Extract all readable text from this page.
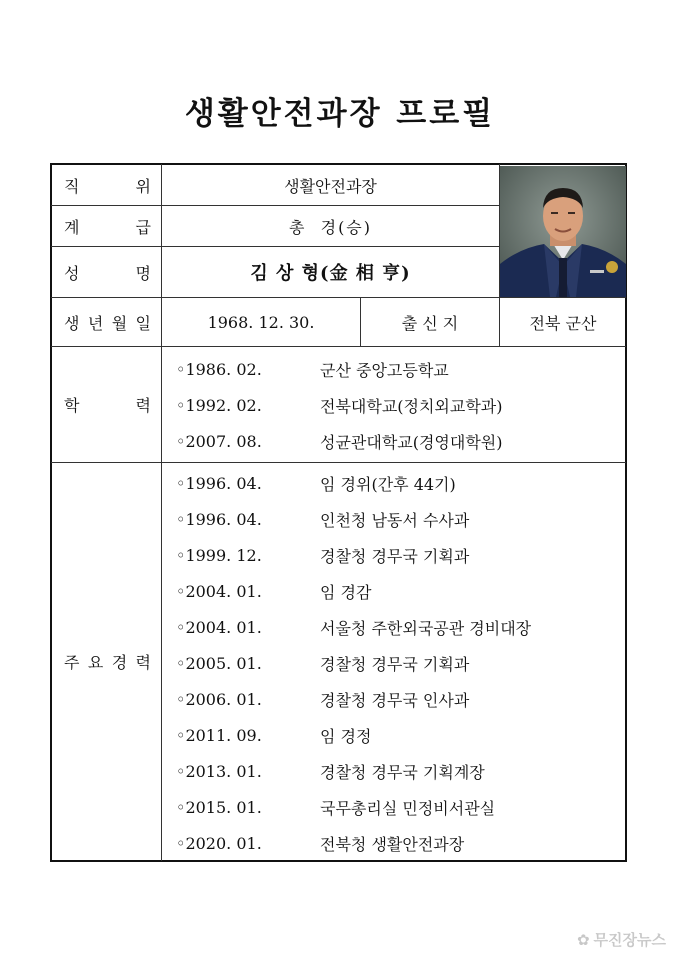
생활안전과장 프로필
직	위	생활안전과장
계	급	총  경(승)
성	명	김 상 형(金 相 亨)
생 년 월 일	1968. 12. 30.	출 신 지	전북 군산
학	력
◦1986. 02.	군산 중앙고등학교
◦1992. 02.	전북대학교(정치외교학과)
◦2007. 08.	성균관대학교(경영대학원)
주 요 경 력
◦1996. 04.	임 경위(간후 44기)
◦1996. 04.	인천청 남동서 수사과
◦1999. 12.	경찰청 경무국 기획과
◦2004. 01.	임 경감
◦2004. 01.	서울청 주한외국공관 경비대장
◦2005. 01.	경찰청 경무국 기획과
◦2006. 01.	경찰청 경무국 인사과
◦2011. 09.	임 경정
◦2013. 01.	경찰청 경무국 기획계장
◦2015. 01.	국무총리실 민정비서관실
◦2020. 01.	전북청 생활안전과장
✿ 무진장뉴스
